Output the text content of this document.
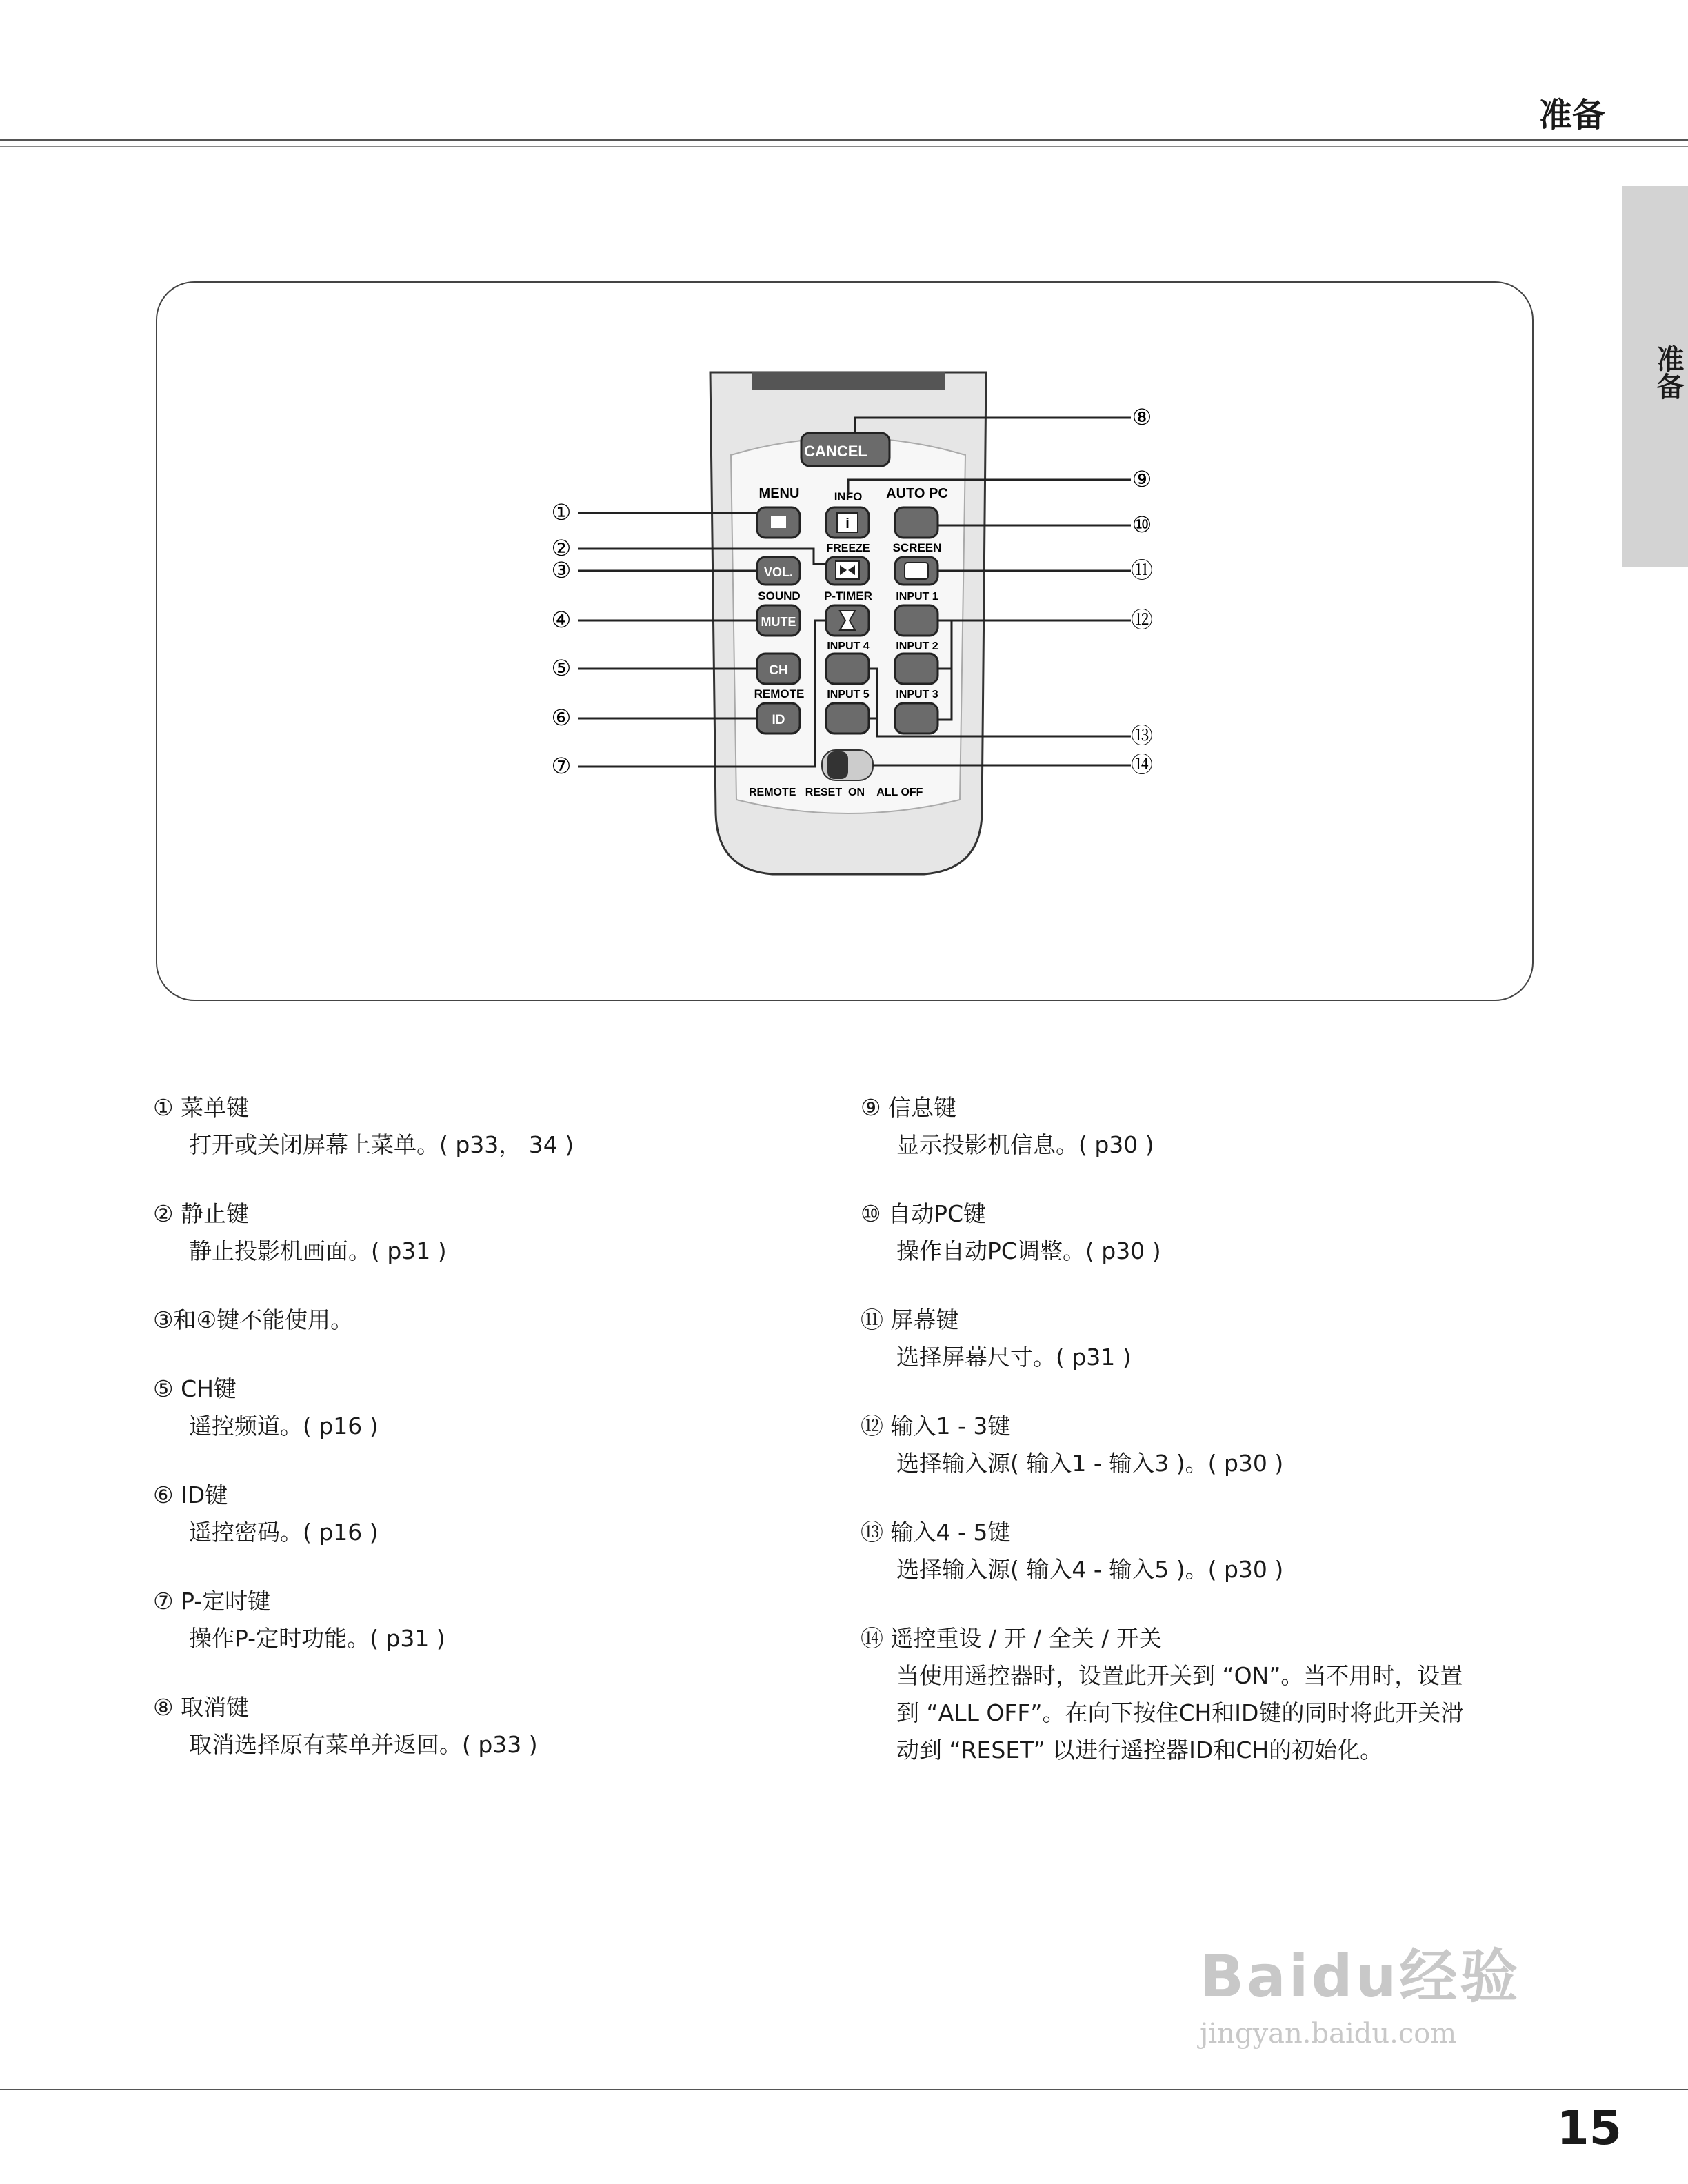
准备
准备
CANCEL
MENU	INFO AUTO PC
i
FREEZE SCREEN
VOL.
SOUND P-TIMER INPUT 1
MUTE
INPUT 4 INPUT 2
CH
REMOTE INPUT 5 INPUT 3
ID
REMOTE   RESET  ON    ALL OFF
①
②
③
④
⑤
⑥
⑦
⑧
⑨
⑩
⑪
⑫
⑬
⑭
① 菜单键
打开或关闭屏幕上菜单。( p33， 34 )
② 静止键
静止投影机画面。( p31 )
③和④键不能使用。
⑤ CH键
遥控频道。( p16 )
⑥ ID键
遥控密码。( p16 )
⑦ P-定时键
操作P-定时功能。( p31 )
⑧ 取消键
取消选择原有菜单并返回。( p33 )
⑨ 信息键
显示投影机信息。( p30 )
⑩ 自动PC键
操作自动PC调整。( p30 )
⑪ 屏幕键
选择屏幕尺寸。( p31 )
⑫ 输入1 - 3键
选择输入源( 输入1 - 输入3 )。( p30 )
⑬ 输入4 - 5键
选择输入源( 输入4 - 输入5 )。( p30 )
⑭ 遥控重设 / 开 / 全关 / 开关
当使用遥控器时，设置此开关到 “ON”。当不用时，设置
到 “ALL OFF”。在向下按住CH和ID键的同时将此开关滑
动到 “RESET” 以进行遥控器ID和CH的初始化。
Baidu经验
jingyan.baidu.com
15
